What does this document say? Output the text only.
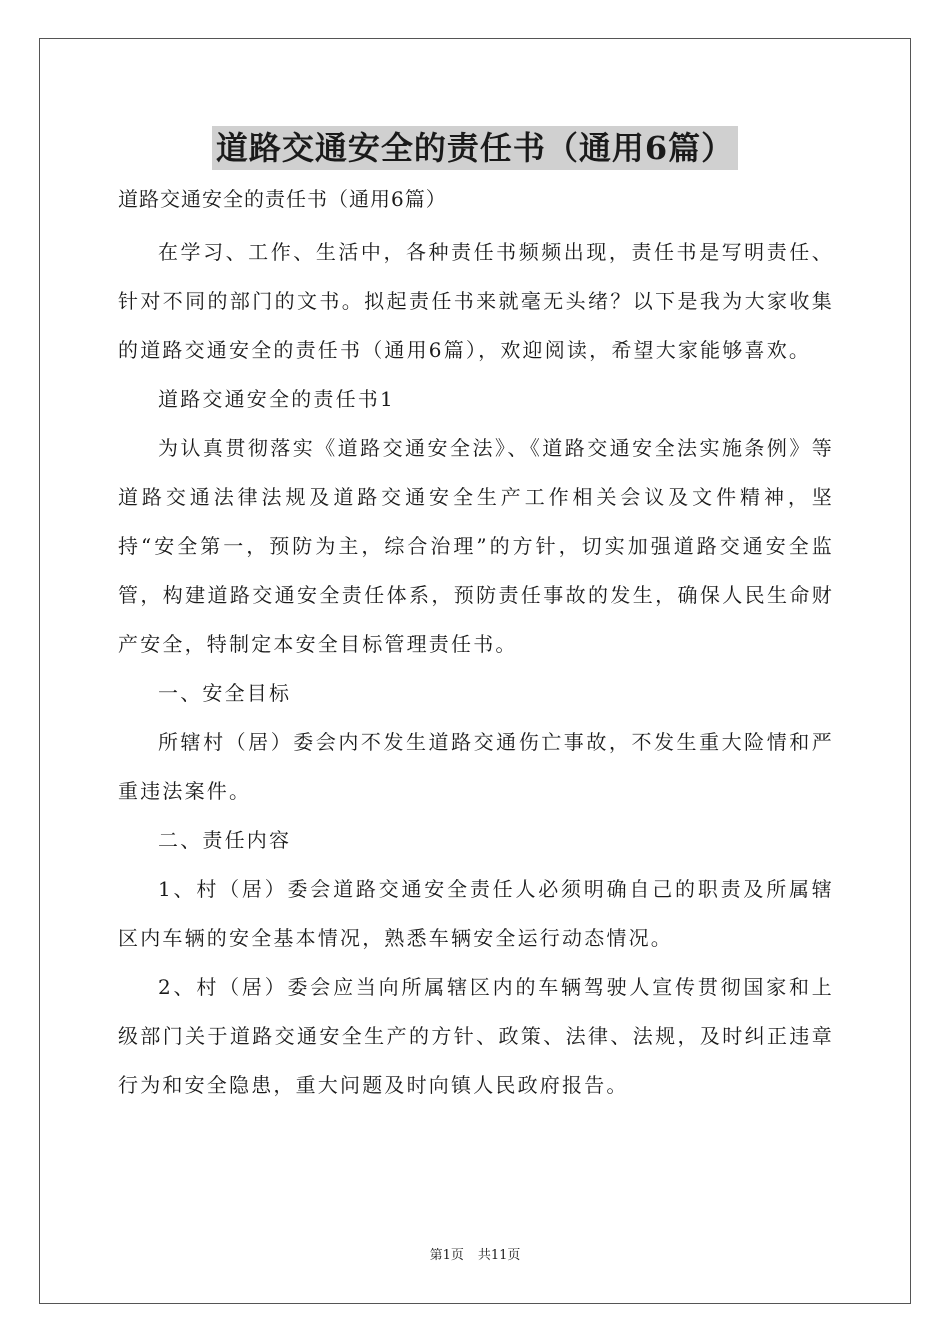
道路交通安全的责任书（通用6篇）

道路交通安全的责任书（通用6篇）

在学习、工作、生活中，各种责任书频频出现，责任书是写明责任、针对不同的部门的文书。拟起责任书来就毫无头绪？以下是我为大家收集的道路交通安全的责任书（通用6篇），欢迎阅读，希望大家能够喜欢。

道路交通安全的责任书1

为认真贯彻落实《道路交通安全法》、《道路交通安全法实施条例》等道路交通法律法规及道路交通安全生产工作相关会议及文件精神，坚持“安全第一，预防为主，综合治理”的方针，切实加强道路交通安全监管，构建道路交通安全责任体系，预防责任事故的发生，确保人民生命财产安全，特制定本安全目标管理责任书。

一、安全目标

所辖村（居）委会内不发生道路交通伤亡事故，不发生重大险情和严重违法案件。

二、责任内容

1、村（居）委会道路交通安全责任人必须明确自己的职责及所属辖区内车辆的安全基本情况，熟悉车辆安全运行动态情况。

2、村（居）委会应当向所属辖区内的车辆驾驶人宣传贯彻国家和上级部门关于道路交通安全生产的方针、政策、法律、法规，及时纠正违章行为和安全隐患，重大问题及时向镇人民政府报告。

第1页 共11页
